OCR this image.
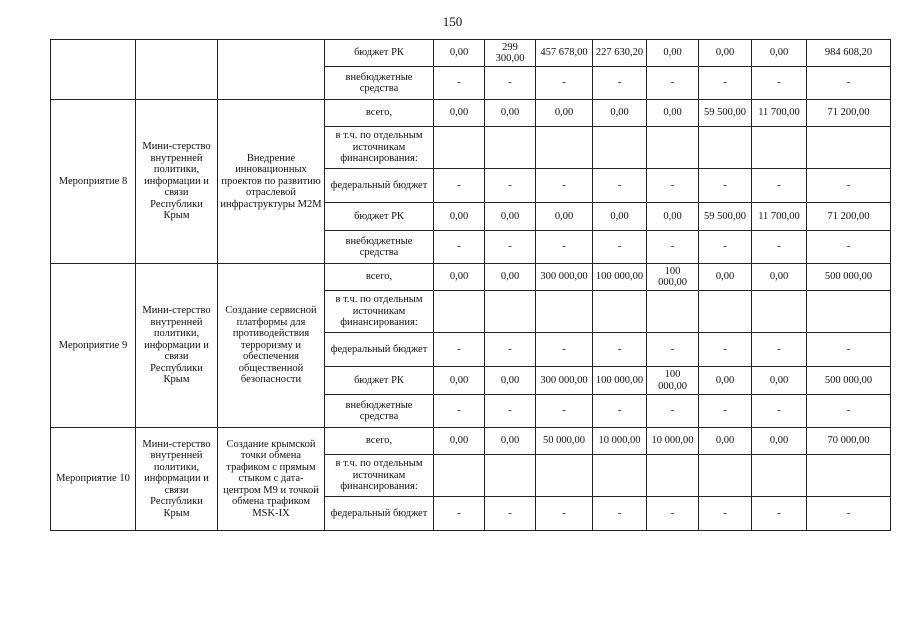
150
			бюджет РК	0,00	299 300,00	457 678,00	227 630,20	0,00	0,00	0,00	984 608,20
			внебюджетные средства	-	-	-	-	-	-	-	-
Мероприятие 8	Мини-стерство внутренней политики, информации и связи Республики Крым	Внедрение инновационных проектов по развитию отраслевой инфраструктуры M2M	всего,	0,00	0,00	0,00	0,00	0,00	59 500,00	11 700,00	71 200,00
			в т.ч. по отдельным источникам финансирования:								
			федеральный бюджет	-	-	-	-	-	-	-	-
			бюджет РК	0,00	0,00	0,00	0,00	0,00	59 500,00	11 700,00	71 200,00
			внебюджетные средства	-	-	-	-	-	-	-	-
Мероприятие 9	Мини-стерство внутренней политики, информации и связи Республики Крым	Создание сервисной платформы для противодействия терроризму и обеспечения общественной безопасности	всего,	0,00	0,00	300 000,00	100 000,00	100 000,00	0,00	0,00	500 000,00
			в т.ч. по отдельным источникам финансирования:								
			федеральный бюджет	-	-	-	-	-	-	-	-
			бюджет РК	0,00	0,00	300 000,00	100 000,00	100 000,00	0,00	0,00	500 000,00
			внебюджетные средства	-	-	-	-	-	-	-	-
Мероприятие 10	Мини-стерство внутренней политики, информации и связи Республики Крым	Создание крымской точки обмена трафиком с прямым стыком с дата-центром M9 и точкой обмена трафиком MSK-IX	всего,	0,00	0,00	50 000,00	10 000,00	10 000,00	0,00	0,00	70 000,00
			в т.ч. по отдельным источникам финансирования:								
			федеральный бюджет	-	-	-	-	-	-	-	-
